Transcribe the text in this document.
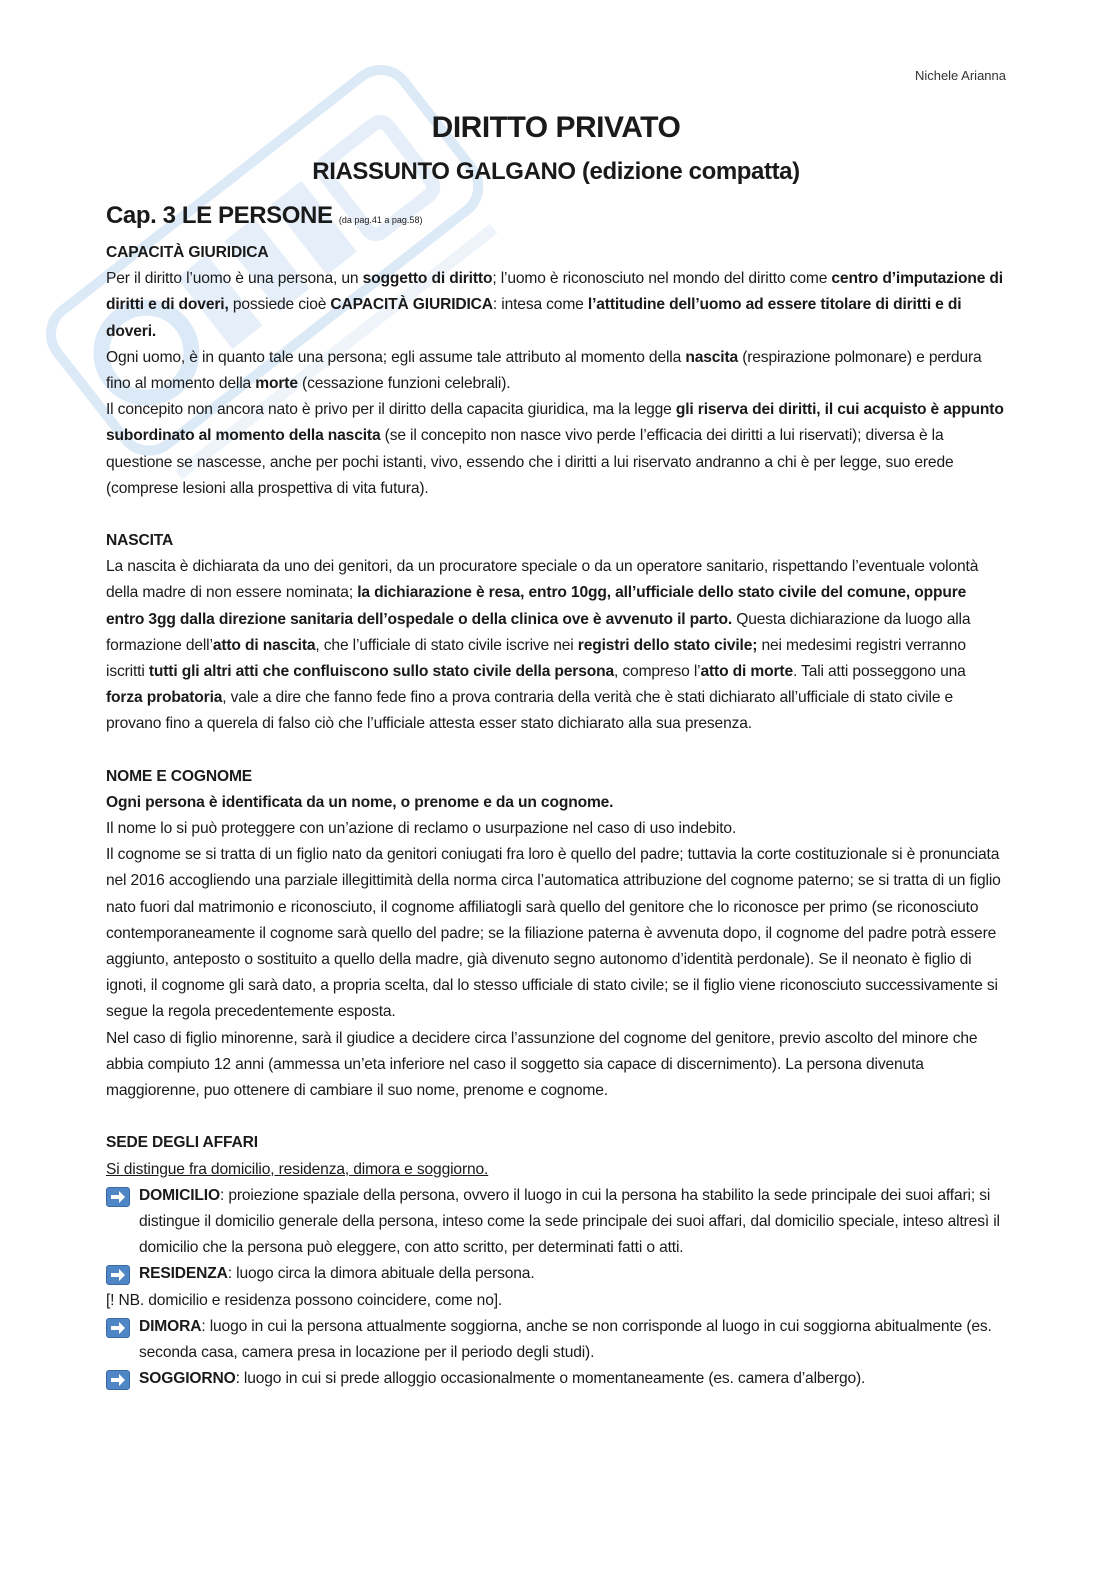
Nichele Arianna
DIRITTO PRIVATO
RIASSUNTO GALGANO (edizione compatta)
Cap. 3 LE PERSONE (da pag.41 a pag.58)

CAPACITÀ GIURIDICA

Per il diritto l’uomo è una persona, un soggetto di diritto; l’uomo è riconosciuto nel mondo del diritto come centro d’imputazione di diritti e di doveri, possiede cioè CAPACITÀ GIURIDICA: intesa come l’attitudine dell’uomo ad essere titolare di diritti e di doveri.

Ogni uomo, è in quanto tale una persona; egli assume tale attributo al momento della nascita (respirazione polmonare) e perdura fino al momento della morte (cessazione funzioni celebrali).

Il concepito non ancora nato è privo per il diritto della capacita giuridica, ma la legge gli riserva dei diritti, il cui acquisto è appunto subordinato al momento della nascita (se il concepito non nasce vivo perde l’efficacia dei diritti a lui riservati); diversa è la questione se nascesse, anche per pochi istanti, vivo, essendo che i diritti a lui riservato andranno a chi è per legge, suo erede (comprese lesioni alla prospettiva di vita futura).

NASCITA

La nascita è dichiarata da uno dei genitori, da un procuratore speciale o da un operatore sanitario, rispettando l’eventuale volontà della madre di non essere nominata; la dichiarazione è resa, entro 10gg, all’ufficiale dello stato civile del comune, oppure entro 3gg dalla direzione sanitaria dell’ospedale o della clinica ove è avvenuto il parto. Questa dichiarazione da luogo alla formazione dell’atto di nascita, che l’ufficiale di stato civile iscrive nei registri dello stato civile; nei medesimi registri verranno iscritti tutti gli altri atti che confluiscono sullo stato civile della persona, compreso l’atto di morte. Tali atti posseggono una forza probatoria, vale a dire che fanno fede fino a prova contraria della verità che è stati dichiarato all’ufficiale di stato civile e provano fino a querela di falso ciò che l’ufficiale attesta esser stato dichiarato alla sua presenza.

NOME E COGNOME

Ogni persona è identificata da un nome, o prenome e da un cognome.

Il nome lo si può proteggere con un’azione di reclamo o usurpazione nel caso di uso indebito.

Il cognome se si tratta di un figlio nato da genitori coniugati fra loro è quello del padre; tuttavia la corte costituzionale si è pronunciata nel 2016 accogliendo una parziale illegittimità della norma circa l’automatica attribuzione del cognome paterno; se si tratta di un figlio nato fuori dal matrimonio e riconosciuto, il cognome affiliatogli sarà quello del genitore che lo riconosce per primo (se riconosciuto contemporaneamente il cognome sarà quello del padre; se la filiazione paterna è avvenuta dopo, il cognome del padre potrà essere aggiunto, anteposto o sostituito a quello della madre, già divenuto segno autonomo d’identità perdonale). Se il neonato è figlio di ignoti, il cognome gli sarà dato, a propria scelta, dal lo stesso ufficiale di stato civile; se il figlio viene riconosciuto successivamente si segue la regola precedentemente esposta.

Nel caso di figlio minorenne, sarà il giudice a decidere circa l’assunzione del cognome del genitore, previo ascolto del minore che abbia compiuto 12 anni (ammessa un’eta inferiore nel caso il soggetto sia capace di discernimento). La persona divenuta maggiorenne, puo ottenere di cambiare il suo nome, prenome e cognome.

SEDE DEGLI AFFARI

Si distingue fra domicilio, residenza, dimora e soggiorno.

DOMICILIO: proiezione spaziale della persona, ovvero il luogo in cui la persona ha stabilito la sede principale dei suoi affari; si distingue il domicilio generale della persona, inteso come la sede principale dei suoi affari, dal domicilio speciale, inteso altresì il domicilio che la persona può eleggere, con atto scritto, per determinati fatti o atti.
RESIDENZA: luogo circa la dimora abituale della persona.

[! NB. domicilio e residenza possono coincidere, come no].

DIMORA: luogo in cui la persona attualmente soggiorna, anche se non corrisponde al luogo in cui soggiorna abitualmente (es. seconda casa, camera presa in locazione per il periodo degli studi).
SOGGIORNO: luogo in cui si prede alloggio occasionalmente o momentaneamente (es. camera d’albergo).
